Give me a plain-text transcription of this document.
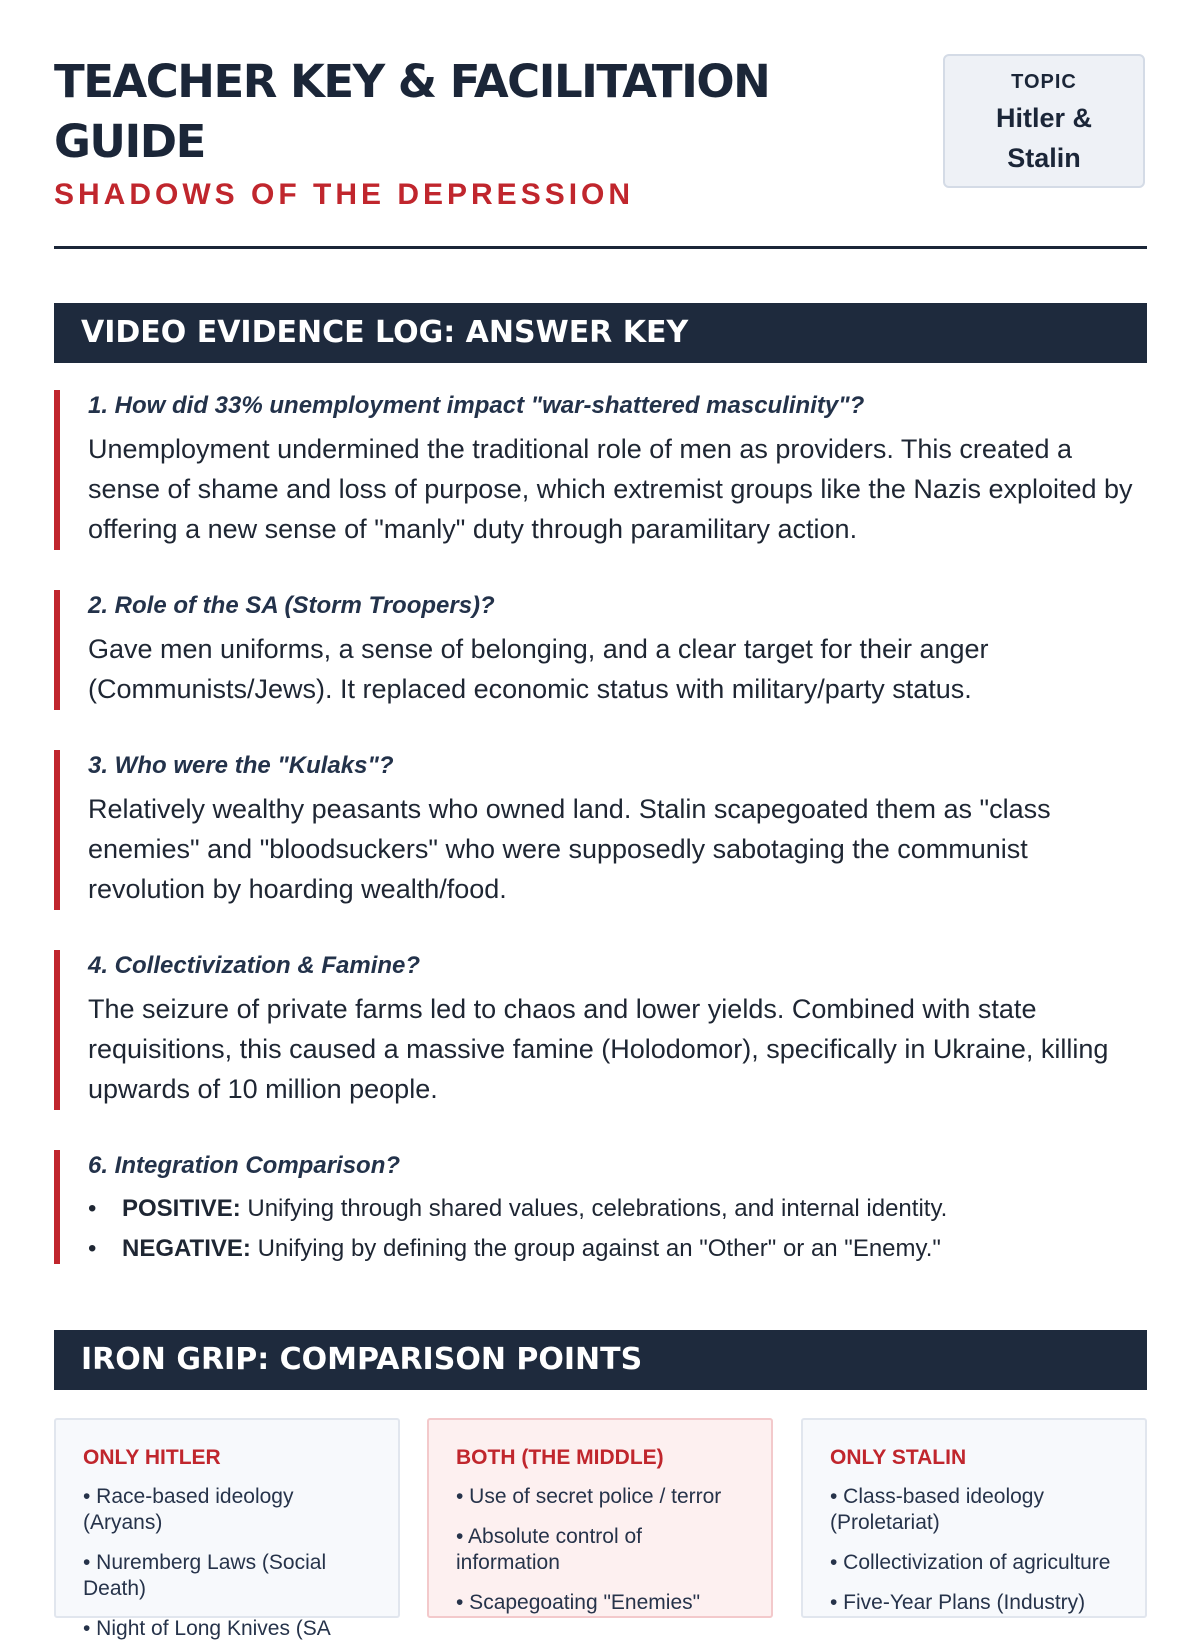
TEACHER KEY & FACILITATION GUIDE
SHADOWS OF THE DEPRESSION
TOPIC
Hitler & Stalin
VIDEO EVIDENCE LOG: ANSWER KEY

1. How did 33% unemployment impact "war-shattered masculinity"?

Unemployment undermined the traditional role of men as providers. This created a sense of shame and loss of purpose, which extremist groups like the Nazis exploited by offering a new sense of "manly" duty through paramilitary action.

2. Role of the SA (Storm Troopers)?

Gave men uniforms, a sense of belonging, and a clear target for their anger (Communists/Jews). It replaced economic status with military/party status.

3. Who were the "Kulaks"?

Relatively wealthy peasants who owned land. Stalin scapegoated them as "class enemies" and "bloodsuckers" who were supposedly sabotaging the communist revolution by hoarding wealth/food.

4. Collectivization & Famine?

The seizure of private farms led to chaos and lower yields. Combined with state requisitions, this caused a massive famine (Holodomor), specifically in Ukraine, killing upwards of 10 million people.

6. Integration Comparison?

• POSITIVE: Unifying through shared values, celebrations, and internal identity.
• NEGATIVE: Unifying by defining the group against an "Other" or an "Enemy."
IRON GRIP: COMPARISON POINTS

ONLY HITLER

• Race-based ideology (Aryans)

• Nuremberg Laws (Social Death)

• Night of Long Knives (SA

BOTH (THE MIDDLE)

• Use of secret police / terror

• Absolute control of information

• Scapegoating "Enemies"

ONLY STALIN

• Class-based ideology (Proletariat)

• Collectivization of agriculture

• Five-Year Plans (Industry)
